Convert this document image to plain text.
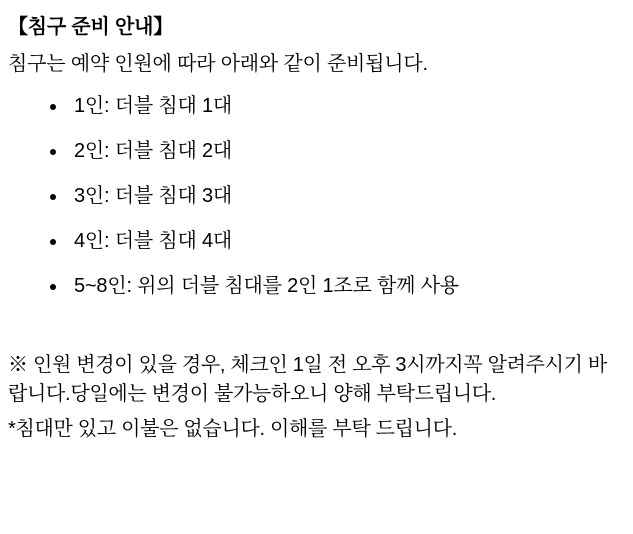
【침구 준비 안내】

침구는 예약 인원에 따라 아래와 같이 준비됩니다.

1인: 더블 침대 1대
2인: 더블 침대 2대
3인: 더블 침대 3대
4인: 더블 침대 4대
5~8인: 위의 더블 침대를 2인 1조로 함께 사용

※ 인원 변경이 있을 경우, 체크인 1일 전 오후 3시까지꼭 알려주시기 바랍니다.당일에는 변경이 불가능하오니 양해 부탁드립니다.

*침대만 있고 이불은 없습니다. 이해를 부탁 드립니다.
